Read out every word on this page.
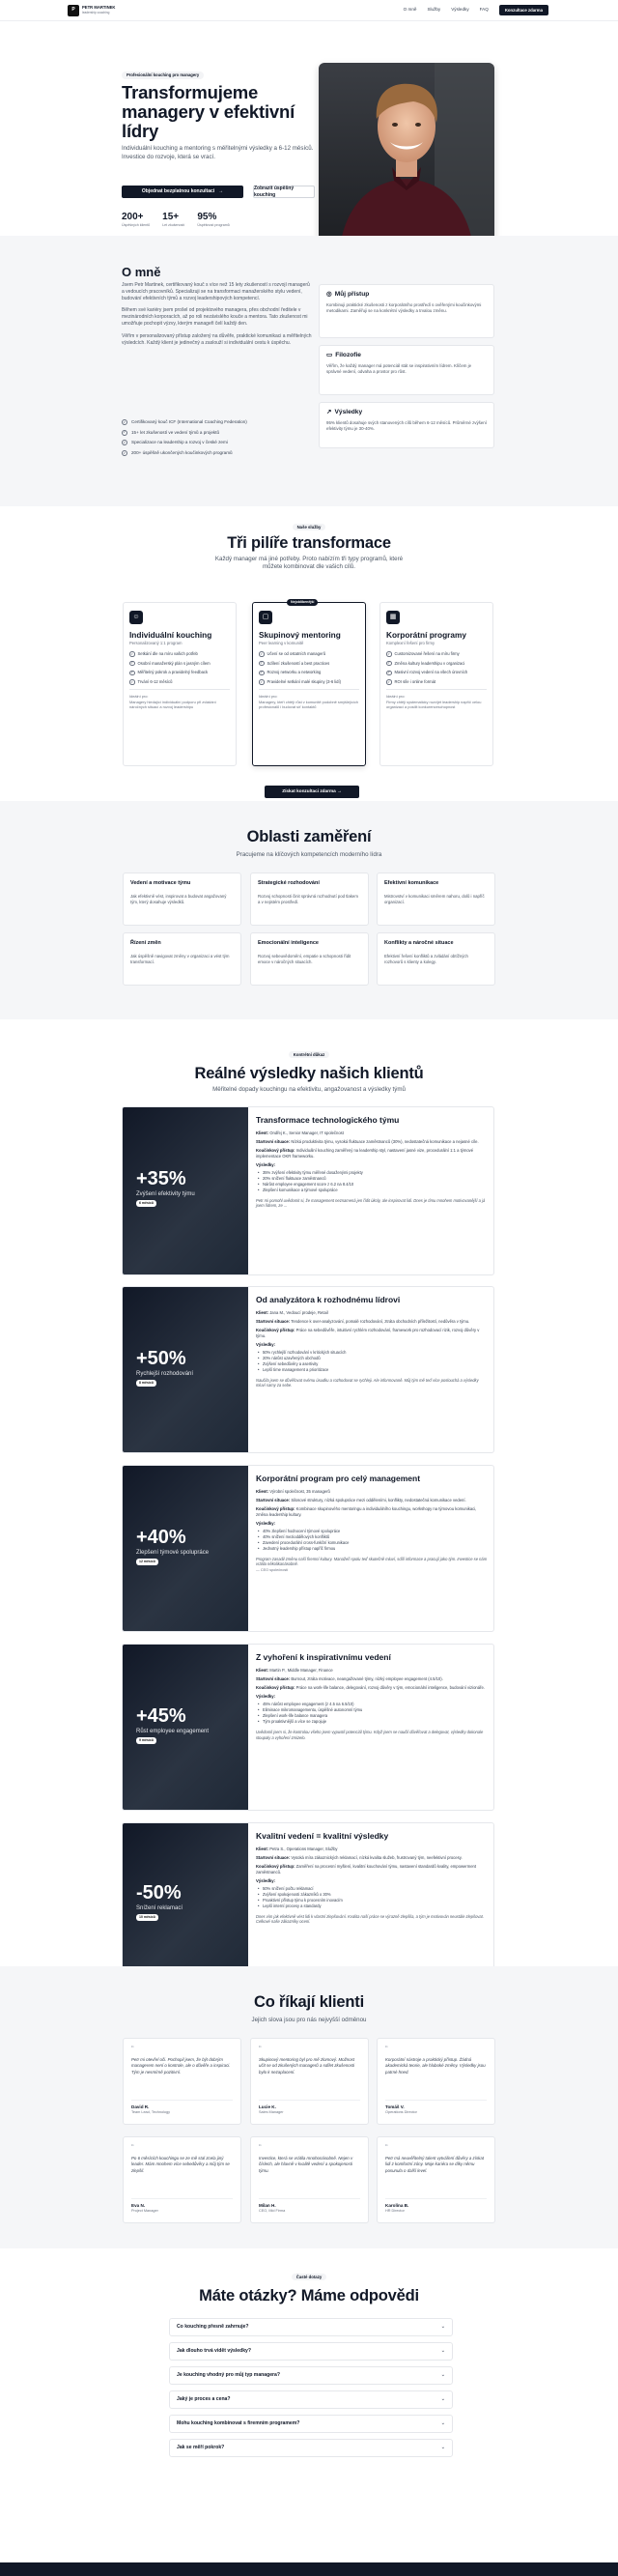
P	PETR MARTINEK
leadership coaching
O mně Služby Výsledky FAQ	Konzultace zdarma
Profesionální kouching pro managery
Transformujeme managery v efektivní lídry
Individuální kouching a mentoring s měřitelnými výsledky a 6-12 měsíců. Investice do rozvoje, která se vrací.
Objednat bezplatnou konzultaci →
Zobrazit úspěšný kouching
200+
Úspěšných klientů
15+
Let zkušeností
95%
Úspěšnost programů
O mně

Jsem Petr Martinek, certifikovaný kouč s více než 15 lety zkušeností s rozvojí managerů a vedoucích pracovníků. Specializuji se na transformaci manažerského stylu vedení, budování efektivních týmů a rozvoj leadershipových kompetencí.

Během své kariéry jsem prošel od projektového managera, přes obchodní ředitele v mezinárodních korporacích, až po roli nezávislého kouče a mentora. Tato zkušenost mi umožňuje pochopit výzvy, kterým manageři čelí každý den.

Věřím v personalizovaný přístup založený na důvěře, praktické komunikaci a měřitelných výsledcích. Každý klient je jedinečný a zaslouží si individuální cestu k úspěchu.

✓	Certifikovaný kouč ICF (International Coaching Federation)
✓	15+ let zkušeností ve vedení týmů a projektů
✓	Specializace na leadership a rozvoj v české zemi
✓	200+ úspěšně ukončených koučinkových programů
◎ Můj přístup
Kombinuji praktické zkušenosti z korporátního prostředí s ověřenými koučinkovými metodikami. Zaměřuji se na konkrétní výsledky a trvalou změnu.
▭ Filozofie
Věřím, že každý manager má potenciál stát se inspirativním lídrem. Klíčem je správné vedení, odvaha a prostor pro růst.
↗ Výsledky
95% klientů dosahuje svých stanovených cílů během 6-12 měsíců. Průměrné zvýšení efektivity týmu je 30-40%.
Naše služby
Tři pilíře transformace
Každý manager má jiné potřeby. Proto nabízím tři typy programů, které můžete kombinovat dle vašich cílů.
☺
Individuální kouching
Personalizovaný 1:1 program
✓	Setkání dle na míru vašich potřeb
✓	Osobní manažerský plán s jasným cílem
✓	Měřitelný pokrok a pravidelný feedback
✓	Trvání 6-12 měsíců
Ideální pro:
Managery hledající individuální podporu při zvládání náročných situací a rozvoj leadershipu
Nejoblíbenější
▢
Skupinový mentoring
Peer learning v komunitě
✓	Učení se od ostatních managerů
✓	Sdílení zkušeností a best practices
✓	Rozvoj networku a networking
✓	Pravidelné setkání malé skupiny (3-6 lidí)
Ideální pro:
Managery, kteří chtějí růst v komunitě podobně smýšlejících profesionálů i budovat síť kontaktů
▦
Korporátní programy
Komplexní řešení pro firmy
✓	Customizované řešení na míru firmy
✓	Změna kultury leadershipu v organizaci
✓	Masivní rozvoj vedení na všech úrovních
✓	ROI síle i online formát
Ideální pro:
Firmy chtějí systematicky rozvíjet leadership napříč celou organizací a posílit konkurenceschopnost
Získat konzultaci zdarma
→
Oblasti zaměření
Pracujeme na klíčových kompetencích moderního lídra
Vedení a motivace týmu
Jak efektivně vést, inspirovat a budovat angažovaný tým, který dosahuje výsledků.
Strategické rozhodování
Rozvoj schopnosti činit správná rozhodnutí pod tlakem a v nejistém prostředí.
Efektivní komunikace
Mistrovství v komunikaci směrem nahoru, dolů i napříč organizací.
Řízení změn
Jak úspěšně navigovat změny v organizaci a vést tým transformací.
Emocionální inteligence
Rozvoj sebeuvědomění, empatie a schopnosti řídit emoce v náročných situacích.
Konflikty a náročné situace
Efektivní řešení konfliktů a zvládání obtížných rozhovorů s klienty a kolegy.
Kontrétní důkaz
Reálné výsledky našich klientů
Měřitelné dopady kouchingu na efektivitu, angažovanost a výsledky týmů
+35%
Zvýšení efektivity týmu
6 měsíců
Transformace technologického týmu
Klient: Ondřej K., Senior Manager, IT společnost
Startovní situace: Nízká produktivita týmu, vysoká fluktuace zaměstnanců (30%), nedostatečná komunikace a nejasné cíle.
Koučinkový přístup: Individuální kouching zaměřený na leadership styl, nastavení jasné vize, procedurální 1:1 a týmové implementace OKR frameworku.
Výsledky:
• 35% zvýšení efektivity týmu měřené dosaženými projekty
• 20% snížení fluktuace zaměstnanců
• Nárůst employee engagement score z 6.2 na 8.4/10
• Zlepšení komunikace a týmové spolupráce
Petr mi pomohl uvědomit si, že management neznamená jen řídit úkoly, ale inspirovat lidi. Dnes je tímu mnohem motivovanější a já jsem lídrem, ze ...
+50%
Rychlejší rozhodování
8 měsíců
Od analyzátora k rozhodnému lídrovi
Klient: Jana M., Vedoucí prodeje, Retail
Startovní situace: Tendence k over-analyzování, pomalé rozhodování, ztráta obchodních příležitostí, nedůvěra v týmu.
Koučinkový přístup: Práce na sebedůvěře, intuitivní rychlém rozhodování, framework pro rozhodovací rizik, rozvoj důvěry v týmu.
Výsledky:
• 50% rychlejší rozhodování v kritických situacích
• 20% nárůst uzavřených obchodů
• Zvýšení sebedůvěry a asertivity
• Lepší time management a prioritizace
Naučila jsem se důvěřovat svému úsudku a rozhodovat se rychleji. Ale informovaně. Můj tým mě teď více poslouchá a výsledky mluví samy za sebe.
+40%
Zlepšení týmové spolupráce
12 měsíců
Korporátní program pro celý management
Klient: Výrobní společnost, 35 managerů
Startovní situace: Silosové struktury, nízká spolupráce mezi odděleními, konflikty, nedostatečná komunikace vedení.
Koučinkový přístup: Kombinace skupinového mentoringu a individuálního kouchingu, workshopy na týmovou komunikaci, změna leadership kultury.
Výsledky:
• 40% zlepšení hodnocení týmové spolupráce
• 40% snížení mezioddělových konfliktů
• Zavedení procedurální cross-funkční komunikace
• Jednotný leadership přístup napříč firmou
Program zasadil změnu naší firemní kultury. Manažeři spolu teď skutečně mluví, sdílí informace a pracují jako tým. Investice se nám vrátila několikanásobně.
— CEO společnosti
+45%
Růst employee engagement
9 měsíců
Z vyhoření k inspirativnímu vedení
Klient: Martin P., Middle Manager, Finance
Startovní situace: Burnout, ztráta motivace, neangažované týmy, nízký employee engagement (4.5/10).
Koučinkový přístup: Práce na work-life balance, delegování, rozvoj důvěry v tým, emocionální inteligence, budování vizionáře.
Výsledky:
• 45% nárůst employee engagement (z 4.5 na 6.5/10)
• Eliminace mikromanagementu, úspěšné autonomní týmu
• Zlepšení work-life balance managera
• Tým proaktivnější a více se zapojuje
Uvědomil jsem si, že kontrolou všeho jsem vypustil potenciál týmu. Když jsem se naučil důvěřovat a delegovat, výsledky dokonale stoupaly a vyhoření zmizelo.
-50%
Snížení reklamací
10 měsíců
Kvalitní vedení = kvalitní výsledky
Klient: Petra S., Operations Manager, Služby
Startovní situace: Vysoká míra zákaznických reklamací, nízká kvalita služeb, frustrovaný tým, neefektivní procesy.
Koučinkový přístup: Zaměření na procesní myšlení, kvalitní kouchování týmu, nastavení standardů kvality, empowerment zaměstnanců.
Výsledky:
• 50% snížení počtu reklamací
• Zvýšení spokojenosti zákazníků o 30%
• Proaktivní přístup týmu k procesním inovacím
• Lepší interní procesy a standardy
Dnes vím jak efektivně vést lidi k vlastní zlepšování. Kvalita naší práce se výrazně zlepšila, a tým je motivován neustále zlepšovat. Celkové naše zákazníky ocení.
Co říkají klienti
Jejich slova jsou pro nás nejvyšší odměnou
“
Petr mi otevřel oči. Pochopil jsem, že být dobrým managerem není o kontrole, ale o důvěře a inspiraci. Tým je nesmírně pozitivní.
David R.
Team Lead, Technology
“
Skupinový mentoring byl pro mě zlomový. Možnost učit se od zkušených managerů a sdílet zkušenosti bylo k nezaplacení.
Lucie K.
Sales Manager
“
Korporátní nástroje a praktický přístup. Žádná akademická teorie, ale hluboké změny. Výsledky jsou patrné hned.
Tomáš V.
Operations Director
“
Po 6 měsících kouchingu se ze mě stal zcela jiný leader. Mám mnohem více sebedůvěry a můj tým se zlepšil.
Eva N.
Project Manager
“
Investice, která se vrátila mnohonásobně. Nejen v číslech, ale hlavně v kvalitě vedení a spokojenosti týmu.
Milan H.
CEO, Mid Firma
“
Petr má neuvěřitelný talent vytváření důvěry a získat lidi z komfortní zóny. Moje kariéra se díky němu posunula o další level.
Karolína B.
HR Director
Časté dotazy
Máte otázky? Máme odpovědi
Co kouching přesně zahrnuje?	⌄
Jak dlouho trvá vidět výsledky?	⌄
Je kouching vhodný pro můj typ managera?	⌄
Jaký je proces a cena?	⌄
Mohu kouching kombinovat s firemním programem?	⌄
Jak se měří pokrok?	⌄
